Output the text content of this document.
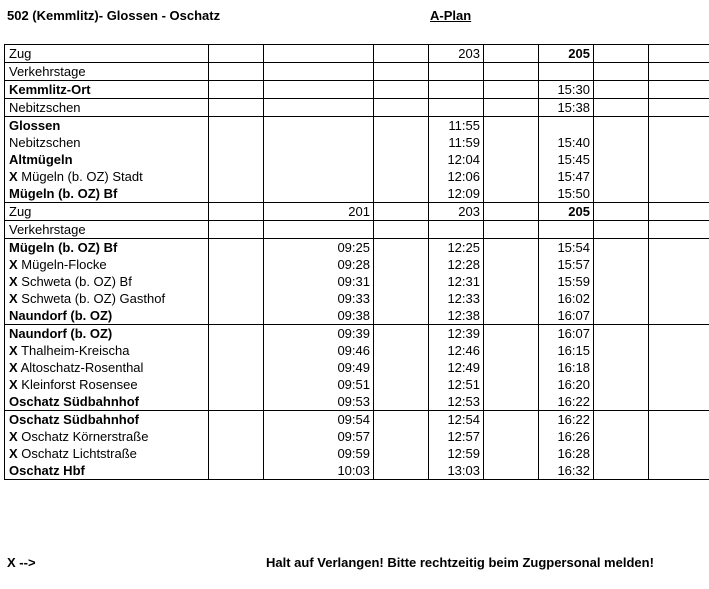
502 (Kemmlitz)- Glossen - Oschatz	A-Plan
Zug				203		205		
Verkehrstage								
Kemmlitz-Ort						15:30		
Nebitzschen						15:38		
Glossen				11:55				
Nebitzschen				11:59		15:40		
Altmügeln				12:04		15:45		
X Mügeln (b. OZ) Stadt				12:06		15:47		
Mügeln (b. OZ) Bf				12:09		15:50		
Zug		201		203		205		
Verkehrstage								
Mügeln (b. OZ) Bf		09:25		12:25		15:54		
X Mügeln-Flocke		09:28		12:28		15:57		
X Schweta (b. OZ) Bf		09:31		12:31		15:59		
X Schweta (b. OZ) Gasthof		09:33		12:33		16:02		
Naundorf (b. OZ)		09:38		12:38		16:07		
Naundorf (b. OZ)		09:39		12:39		16:07		
X Thalheim-Kreischa		09:46		12:46		16:15		
X Altoschatz-Rosenthal		09:49		12:49		16:18		
X Kleinforst Rosensee		09:51		12:51		16:20		
Oschatz Südbahnhof		09:53		12:53		16:22		
Oschatz Südbahnhof		09:54		12:54		16:22		
X Oschatz Körnerstraße		09:57		12:57		16:26		
X Oschatz Lichtstraße		09:59		12:59		16:28		
Oschatz Hbf		10:03		13:03		16:32		
X -->	Halt auf Verlangen! Bitte rechtzeitig beim Zugpersonal melden!
